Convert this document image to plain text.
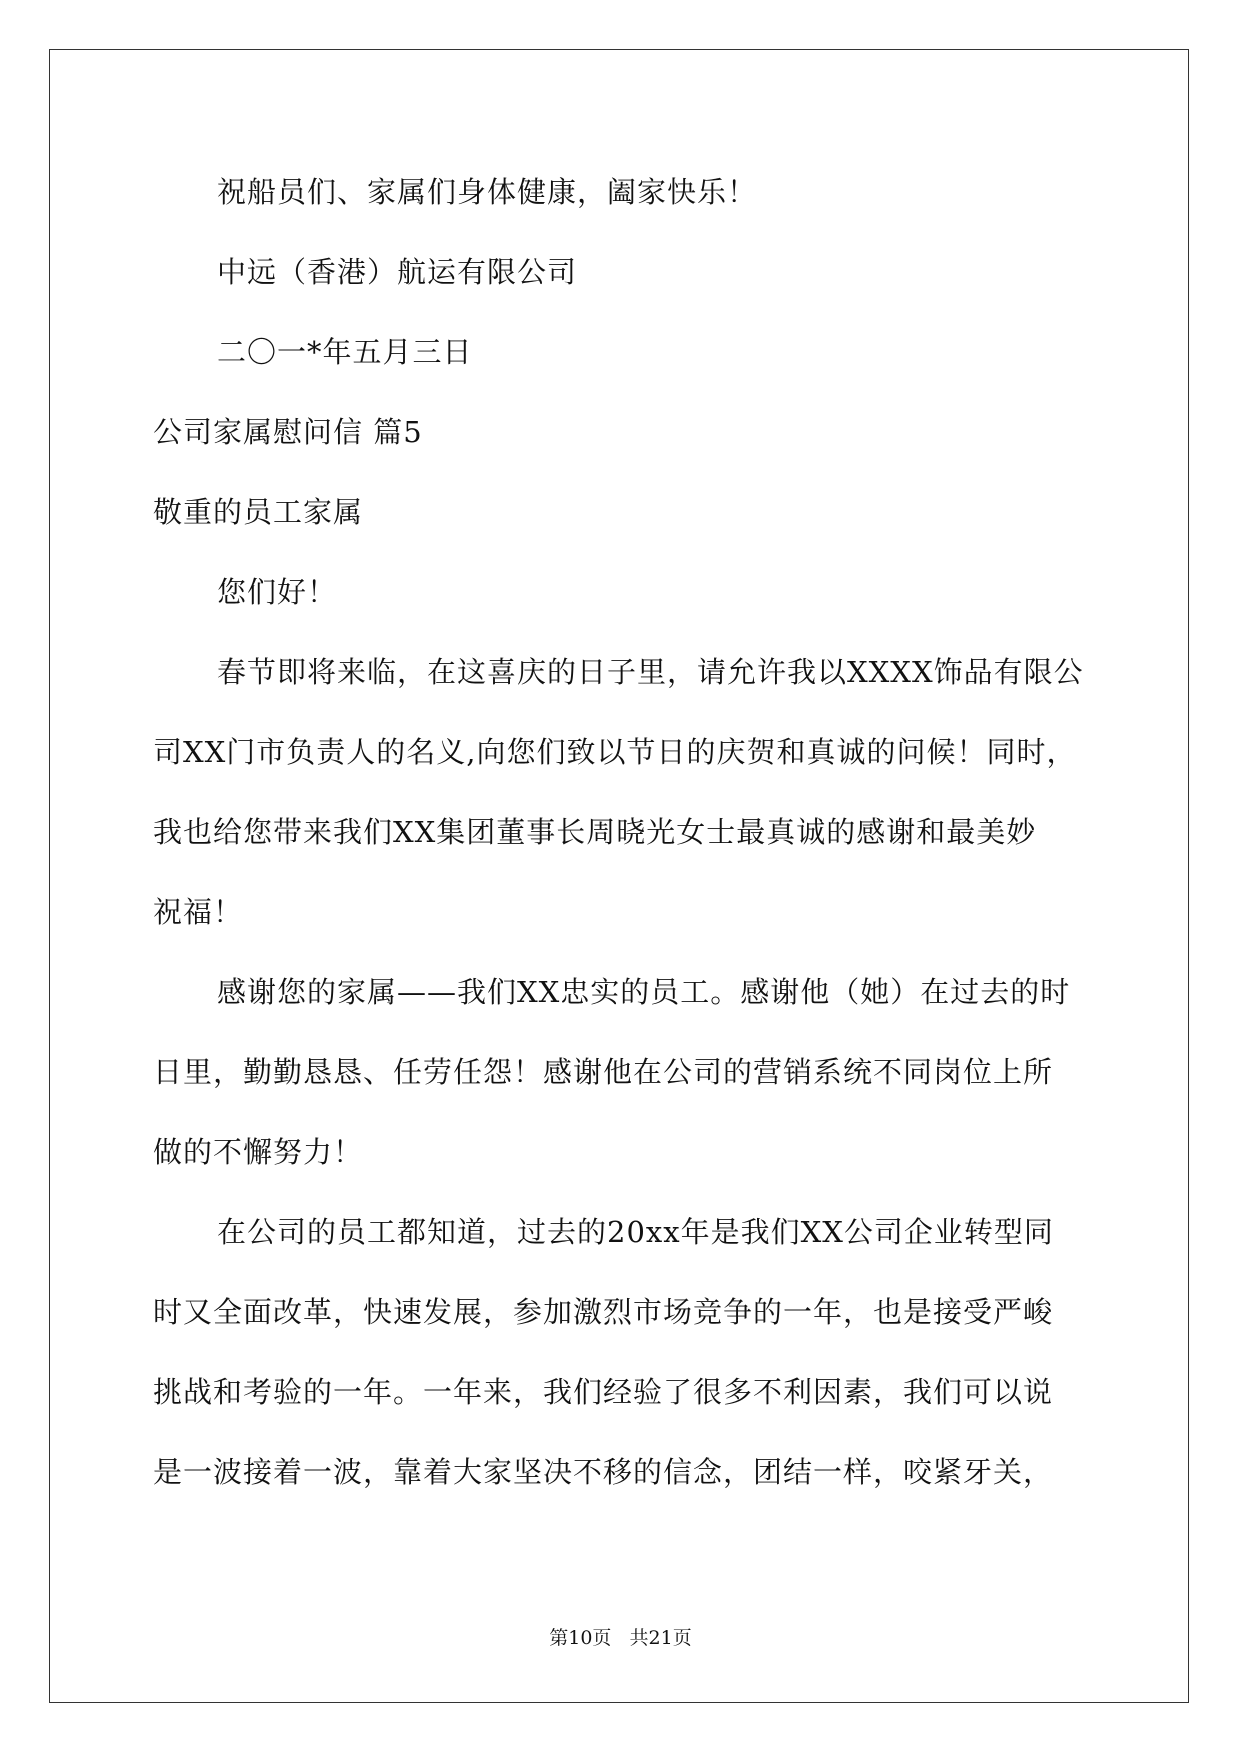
祝船员们、家属们身体健康，阖家快乐！
中远（香港）航运有限公司
二〇一*年五月三日
公司家属慰问信 篇5
敬重的员工家属
您们好！
春节即将来临，在这喜庆的日子里，请允许我以XXXX饰品有限公
司XX门市负责人的名义,向您们致以节日的庆贺和真诚的问候！同时，
我也给您带来我们XX集团董事长周晓光女士最真诚的感谢和最美妙
祝福！
感谢您的家属——我们XX忠实的员工。感谢他（她）在过去的时
日里，勤勤恳恳、任劳任怨！感谢他在公司的营销系统不同岗位上所
做的不懈努力！
在公司的员工都知道，过去的20xx年是我们XX公司企业转型同
时又全面改革，快速发展，参加激烈市场竞争的一年，也是接受严峻
挑战和考验的一年。一年来，我们经验了很多不利因素，我们可以说
是一波接着一波，靠着大家坚决不移的信念，团结一样，咬紧牙关，
第10页   共21页
